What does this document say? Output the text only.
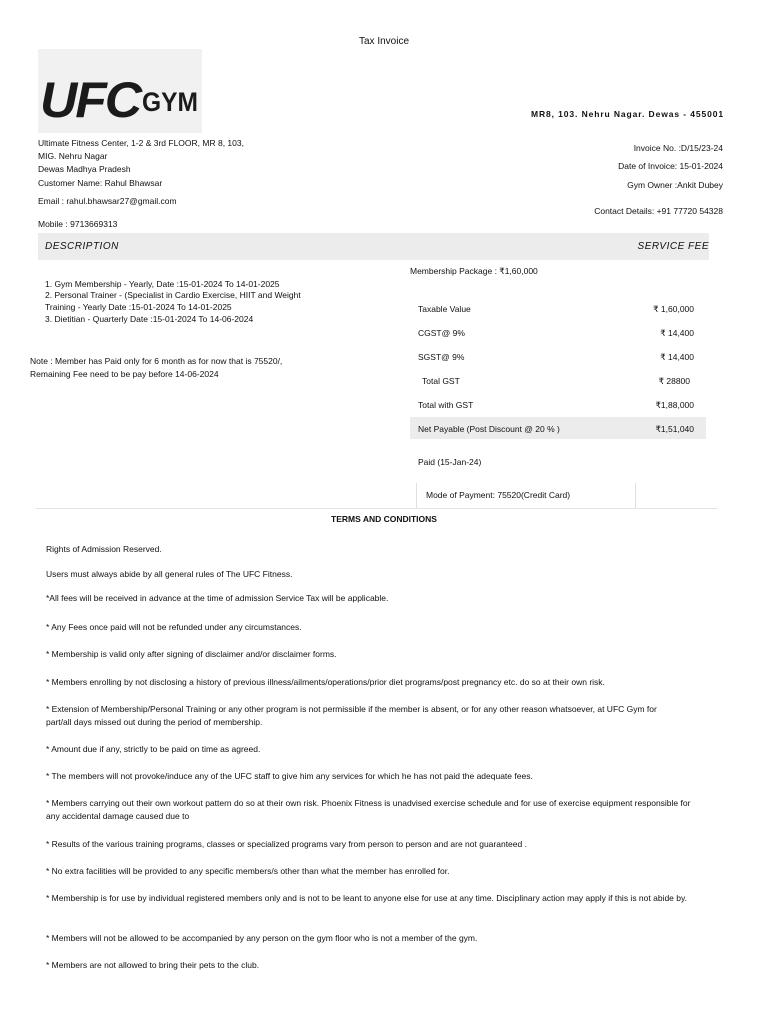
Tax Invoice
UFC GYM	MR8, 103. Nehru Nagar. Dewas - 455001
Ultimate Fitness Center, 1-2 & 3rd FLOOR, MR 8, 103,
MIG. Nehru Nagar
Dewas Madhya Pradesh
Customer Name: Rahul Bhawsar
Email : rahul.bhawsar27@gmail.com
Mobile : 9713669313
Invoice No. :D/15/23-24
Date of Invoice: 15-01-2024
Gym Owner :Ankit Dubey
Contact Details: +91 77720 54328
DESCRIPTION	SERVICE FEE
Membership Package : ₹1,60,000
1. Gym Membership - Yearly, Date :15-01-2024 To 14-01-2025
2. Personal Trainer - (Specialist in Cardio Exercise, HIIT and Weight Training - Yearly Date :15-01-2024 To 14-01-2025
3. Dietitian - Quarterly Date :15-01-2024 To 14-06-2024
Note : Member has Paid only for 6 month as for now that is 75520/, Remaining Fee need to be pay before 14-06-2024
Taxable Value	₹ 1,60,000
CGST@ 9%	₹ 14,400
SGST@ 9%	₹ 14,400
Total GST	₹ 28800
Total with GST	₹1,88,000
Net Payable (Post Discount @ 20 % )	₹1,51,040
Paid (15-Jan-24)
Mode of Payment: 75520(Credit Card)
TERMS AND CONDITIONS
Rights of Admission Reserved.
Users must always abide by all general rules of The UFC Fitness.
*All fees will be received in advance at the time of admission Service Tax will be applicable.
* Any Fees once paid will not be refunded under any circumstances.
* Membership is valid only after signing of disclaimer and/or disclaimer forms.
* Members enrolling by not disclosing a history of previous illness/ailments/operations/prior diet programs/post pregnancy etc. do so at their own risk.
* Extension of Membership/Personal Training or any other program is not permissible if the member is absent, or for any other reason whatsoever, at UFC Gym for part/all days missed out during the period of membership.
* Amount due if any, strictly to be paid on time as agreed.
* The members will not provoke/induce any of the UFC staff to give him any services for which he has not paid the adequate fees.
* Members carrying out their own workout pattern do so at their own risk. Phoenix Fitness is unadvised exercise schedule and for use of exercise equipment responsible for any accidental damage caused due to
* Results of the various training programs, classes or specialized programs vary from person to person and are not guaranteed .
* No extra facilities will be provided to any specific members/s other than what the member has enrolled for.
* Membership is for use by individual registered members only and is not to be leant to anyone else for use at any time. Disciplinary action may apply if this is not abide by.
* Members will not be allowed to be accompanied by any person on the gym floor who is not a member of the gym.
* Members are not allowed to bring their pets to the club.
